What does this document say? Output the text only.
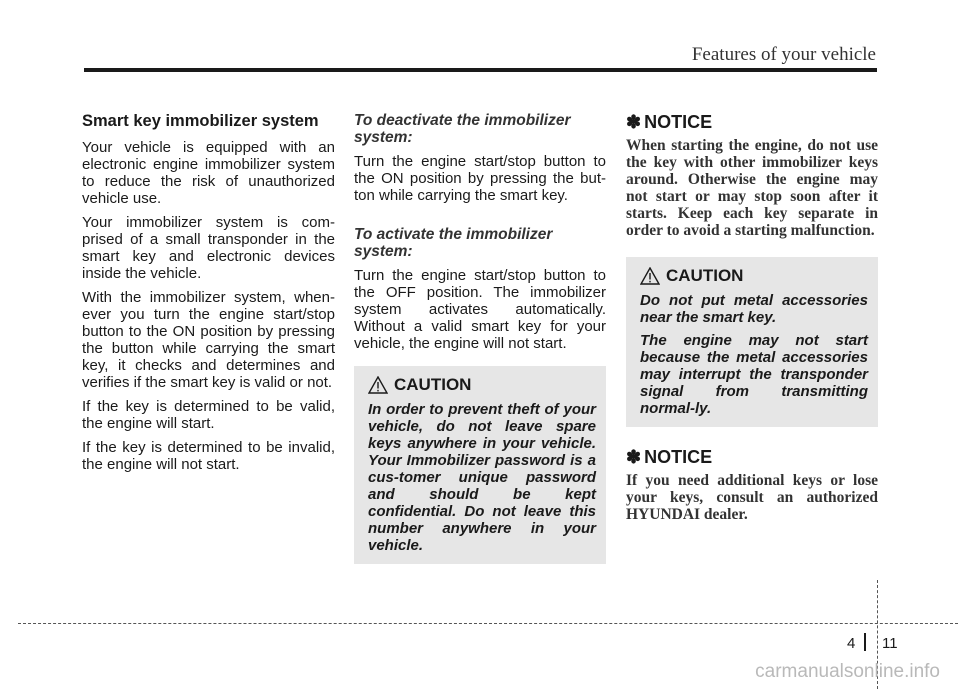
Features of your vehicle
Smart key immobilizer system

Your vehicle is equipped with an electronic engine immobilizer system to reduce the risk of unauthorized vehicle use.

Your immobilizer system is com-prised of a small transponder in the smart key and electronic devices inside the vehicle.

With the immobilizer system, when-ever you turn the engine start/stop button to the ON position by pressing the button while carrying the smart key, it checks and determines and verifies if the smart key is valid or not.

If the key is determined to be valid, the engine will start.

If the key is determined to be invalid, the engine will not start.

To deactivate the immobilizer system:

Turn the engine start/stop button to the ON position by pressing the but-ton while carrying the smart key.

To activate the immobilizer system:

Turn the engine start/stop button to the OFF position. The immobilizer system activates automatically. Without a valid smart key for your vehicle, the engine will not start.

CAUTION

In order to prevent theft of your vehicle, do not leave spare keys anywhere in your vehicle. Your Immobilizer password is a cus-tomer unique password and should be kept confidential. Do not leave this number anywhere in your vehicle.

✽ NOTICE

When starting the engine, do not use the key with other immobilizer keys around. Otherwise the engine may not start or may stop soon after it starts. Keep each key separate in order to avoid a starting malfunction.

CAUTION

Do not put metal accessories near the smart key.

The engine may not start because the metal accessories may interrupt the transponder signal from transmitting normal-ly.

✽ NOTICE

If you need additional keys or lose your keys, consult an authorized HYUNDAI dealer.

4 11
carmanualsonline.info
